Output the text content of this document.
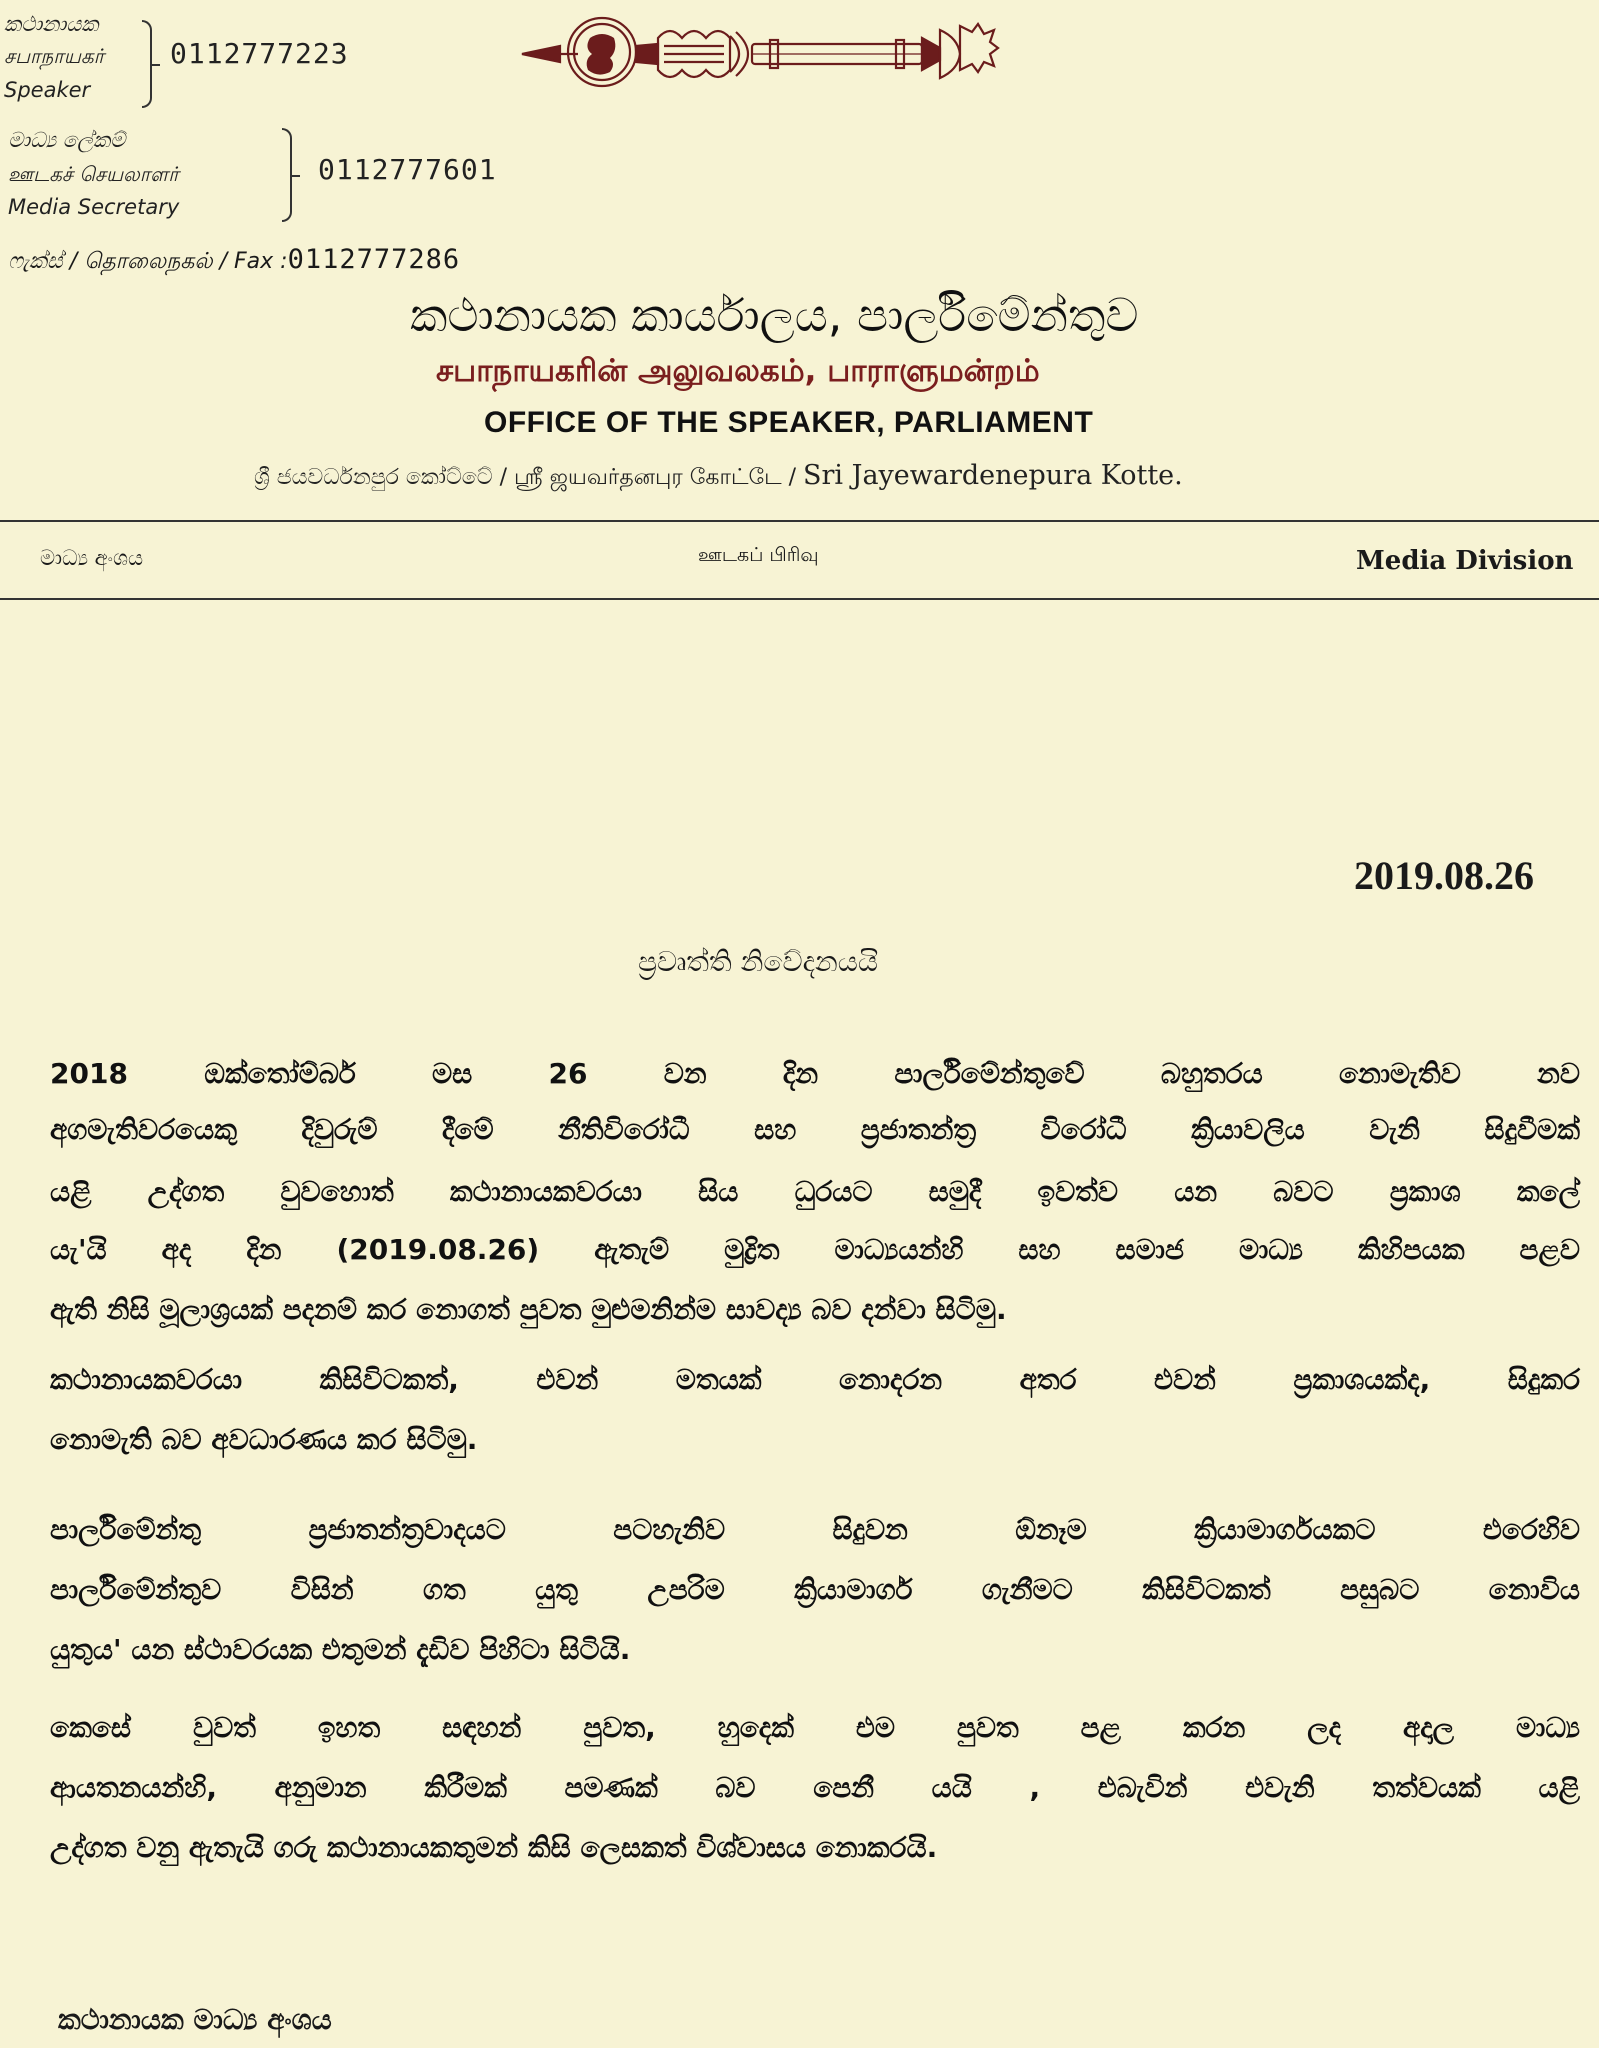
කථානායක
சபாநாயகர்
Speaker
0112777223
මාධ්‍ය ලේකම්
ஊடகச் செயலாளர்
Media Secretary
0112777601
ෆැක්ස් / தொலைநகல் / Fax :0112777286
කථානායක කාර්යාලය, පාර්ලිමේන්තුව
சபாநாயகரின் அலுவலகம், பாராளுமன்றம்
OFFICE OF THE SPEAKER, PARLIAMENT
ශ්‍රී ජයවර්ධනපුර කෝට්ටේ / ஸ்ரீ ஜயவர்தனபுர கோட்டே / Sri Jayewardenepura Kotte.
මාධ්‍ය අංශය	ஊடகப் பிரிவு	Media Division
2019.08.26
ප්‍රවෘත්ති නිවේදනයයි
2018 ඔක්තෝම්බර් මස 26 වන දින පාර්ලිමේන්තුවේ බහුතරය නොමැතිව නව
අගමැතිවරයෙකු දිවුරුම් දීමේ නීතිවිරෝධී සහ ප්‍රජාතන්ත්‍ර විරෝධී ක්‍රියාවලිය වැනි සිදුවීමක්
යළි උද්ගත වුවහොත් කථානායකවරයා සිය ධුරයට සමුදී ඉවත්ව යන බවට ප්‍රකාශ කලේ
යැ'යි අද දින (2019.08.26) ඇතැම් මුද්‍රිත මාධ්‍යයන්හි සහ සමාජ මාධ්‍ය කිහිපයක පළව
ඇති නිසි මූලාශ්‍රයක් පදනම් කර නොගත් පුවත මුළුමනින්ම සාවද්‍ය බව දන්වා සිටිමු.
කථානායකවරයා කිසිවිටකත්, එවන් මතයක් නොදරන අතර එවන් ප්‍රකාශයක්ද, සිදුකර
නොමැති බව අවධාරණය කර සිටිමු.
පාර්ලිමේන්තු ප්‍රජාතන්ත්‍රවාදයට පටහැනිව සිදුවන ඕනෑම ක්‍රියාමාර්ගයකට එරෙහිව
පාර්ලිමේන්තුව විසින් ගත යුතු උපරිම ක්‍රියාමාර්ග ගැනීමට කිසිවිටකත් පසුබට නොවිය
යුතුය' යන ස්ථාවරයක එතුමන් දැඩිව පිහිටා සිටියි.
කෙසේ වුවත් ඉහත සඳහන් පුවත, හුදෙක් එම පුවත පළ කරන ලද අදාල මාධ්‍ය
ආයතනයන්හි, අනුමාන කිරීමක් පමණක් බව පෙනී යයි , එබැවින් එවැනි තත්වයක් යළි
උද්ගත වනු ඇතැයි ගරු කථානායකතුමන් කිසි ලෙසකත් විශ්වාසය නොකරයි.
කථානායක මාධ්‍ය අංශය
